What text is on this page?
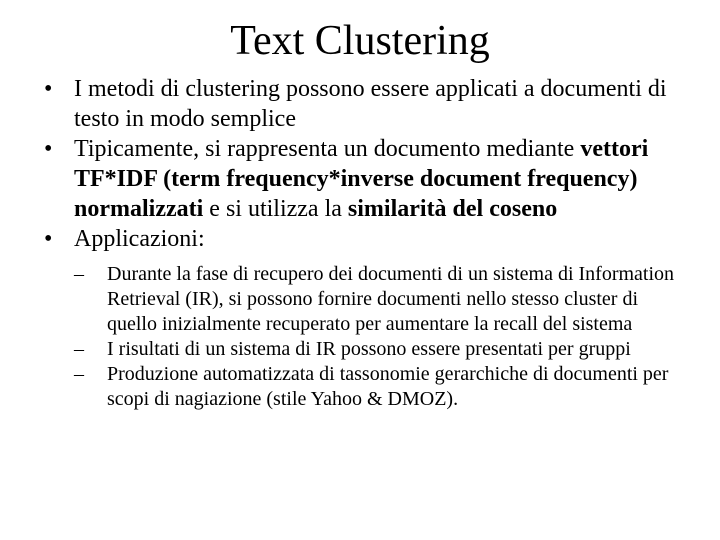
Text Clustering
• I metodi di clustering possono essere applicati a documenti di testo in modo semplice
• Tipicamente, si rappresenta un documento mediante vettori TF*IDF (term frequency*inverse document frequency) normalizzati e si utilizza la similarità del coseno
• Applicazioni:
– Durante la fase di recupero dei documenti di un sistema di Information Retrieval (IR), si possono fornire documenti nello stesso cluster di quello inizialmente recuperato per aumentare la recall del sistema
– I risultati di un sistema di IR possono essere presentati per gruppi
– Produzione automatizzata di tassonomie gerarchiche di documenti per scopi di nagiazione (stile Yahoo & DMOZ).
